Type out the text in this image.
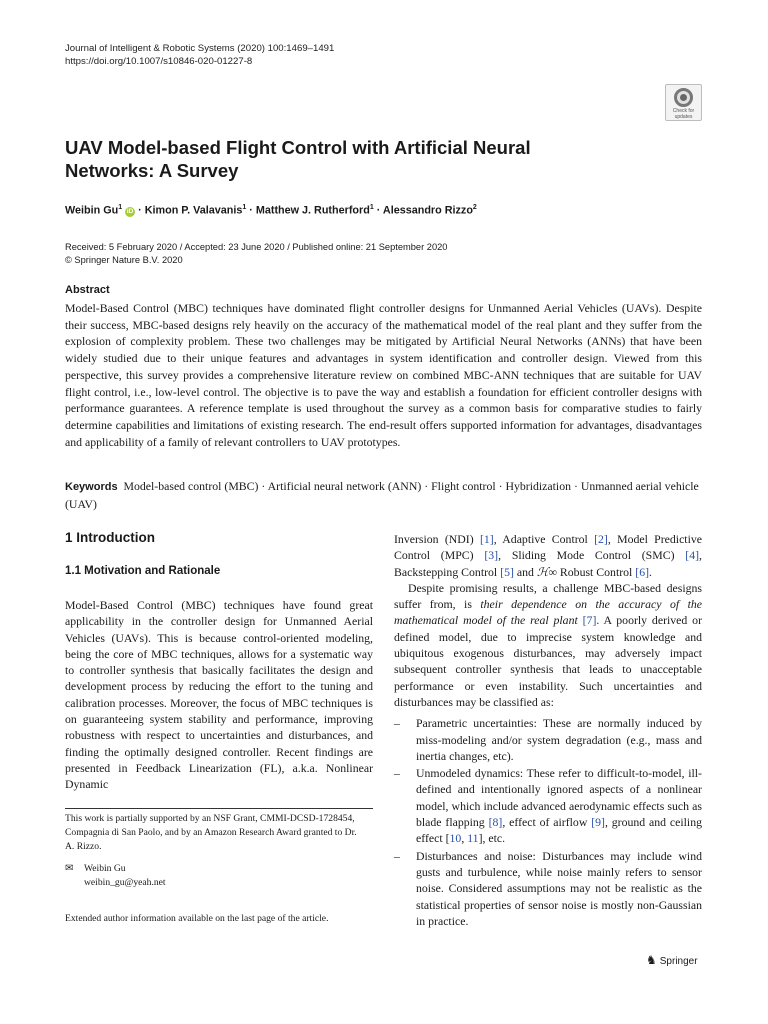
Journal of Intelligent & Robotic Systems (2020) 100:1469–1491
https://doi.org/10.1007/s10846-020-01227-8
Check for updates
UAV Model-based Flight Control with Artificial Neural Networks: A Survey
Weibin Gu$^1$ iD · Kimon P. Valavanis$^1$ · Matthew J. Rutherford$^1$ · Alessandro Rizzo$^2$
Received: 5 February 2020 / Accepted: 23 June 2020 / Published online: 21 September 2020
© Springer Nature B.V. 2020
Abstract

Model-Based Control (MBC) techniques have dominated flight controller designs for Unmanned Aerial Vehicles (UAVs). Despite their success, MBC-based designs rely heavily on the accuracy of the mathematical model of the real plant and they suffer from the explosion of complexity problem. These two challenges may be mitigated by Artificial Neural Networks (ANNs) that have been widely studied due to their unique features and advantages in system identification and controller design. Viewed from this perspective, this survey provides a comprehensive literature review on combined MBC-ANN techniques that are suitable for UAV flight control, i.e., low-level control. The objective is to pave the way and establish a foundation for efficient controller designs with performance guarantees. A reference template is used throughout the survey as a common basis for comparative studies to fairly determine capabilities and limitations of existing research. The end-result offers supported information for advantages, disadvantages and applicability of a family of relevant controllers to UAV prototypes.

Keywords Model-based control (MBC) · Artificial neural network (ANN) · Flight control · Hybridization · Unmanned aerial vehicle (UAV)

1 Introduction
1.1 Motivation and Rationale

Model-Based Control (MBC) techniques have found great applicability in the controller design for Unmanned Aerial Vehicles (UAVs). This is because control-oriented modeling, being the core of MBC techniques, allows for a systematic way to controller synthesis that basically facilitates the design and development process by reducing the effort to the tuning and calibration processes. Moreover, the focus of MBC techniques is on guaranteeing system stability and performance, improving robustness with respect to uncertainties and disturbances, and finding the optimally designed controller. Recent findings are presented in Feedback Linearization (FL), a.k.a. Nonlinear Dynamic

Inversion (NDI) [1], Adaptive Control [2], Model Predictive Control (MPC) [3], Sliding Mode Control (SMC) [4], Backstepping Control [5] and ℋ∞ Robust Control [6].

Despite promising results, a challenge MBC-based designs suffer from, is their dependence on the accuracy of the mathematical model of the real plant [7]. A poorly derived or defined model, due to imprecise system knowledge and ubiquitous exogenous disturbances, may adversely impact subsequent controller synthesis that leads to unacceptable performance or even instability. Such uncertainties and disturbances may be classified as:

– Parametric uncertainties: These are normally induced by miss-modeling and/or system degradation (e.g., mass and inertia changes, etc).
– Unmodeled dynamics: These refer to difficult-to-model, ill-defined and intentionally ignored aspects of a nonlinear model, which include advanced aerodynamic effects such as blade flapping [8], effect of airflow [9], ground and ceiling effect [10, 11], etc.
– Disturbances and noise: Disturbances may include wind gusts and turbulence, while noise mainly refers to sensor noise. Considered assumptions may not be realistic as the statistical properties of sensor noise is mostly non-Gaussian in practice.

This work is partially supported by an NSF Grant, CMMI-DCSD-1728454, Compagnia di San Paolo, and by an Amazon Research Award granted to Dr. A. Rizzo.

✉ Weibin Gu
weibin_gu@yeah.net

Extended author information available on the last page of the article.

♞ Springer
